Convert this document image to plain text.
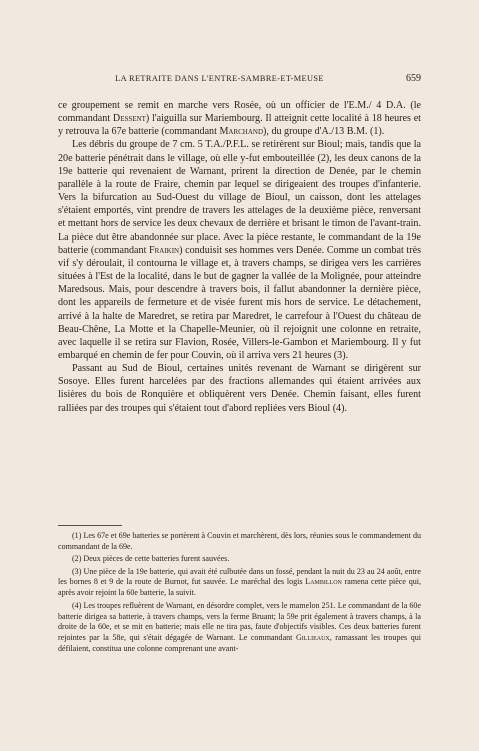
LA RETRAITE DANS L'ENTRE-SAMBRE-ET-MEUSE	659

ce groupement se remit en marche vers Rosée, où un officier de l'E.M./ 4 D.A. (le commandant Dessent) l'aiguilla sur Mariembourg. Il atteignit cette localité à 18 heures et y retrouva la 67e batterie (commandant Marchand), du groupe d'A./13 B.M. (1).

Les débris du groupe de 7 cm. 5 T.A./P.F.L. se retirèrent sur Bioul; mais, tandis que la 20e batterie pénétrait dans le village, où elle y-fut embouteillée (2), les deux canons de la 19e batterie qui revenaient de Warnant, prirent la direction de Denée, par le chemin parallèle à la route de Fraire, chemin par lequel se dirigeaient des troupes d'infanterie. Vers la bifurcation au Sud-Ouest du village de Bioul, un caisson, dont les attelages s'étaient emportés, vint prendre de travers les attelages de la deuxième pièce, renversant et mettant hors de service les deux chevaux de derrière et brisant le timon de l'avant-train. La pièce dut être abandonnée sur place. Avec la pièce restante, le commandant de la 19e batterie (commandant Fraikin) conduisit ses hommes vers Denée. Comme un combat très vif s'y déroulait, il contourna le village et, à travers champs, se dirigea vers les carrières situées à l'Est de la localité, dans le but de gagner la vallée de la Molignée, pour atteindre Maredsous. Mais, pour descendre à travers bois, il fallut abandonner la dernière pièce, dont les appareils de fermeture et de visée furent mis hors de service. Le détachement, arrivé à la halte de Maredret, se retira par Maredret, le carrefour à l'Ouest du château de Beau-Chêne, La Motte et la Chapelle-Meunier, où il rejoignit une colonne en retraite, avec laquelle il se retira sur Flavion, Rosée, Villers-le-Gambon et Mariembourg. Il y fut embarqué en chemin de fer pour Couvin, où il arriva vers 21 heures (3).

Passant au Sud de Bioul, certaines unités revenant de Warnant se dirigèrent sur Sosoye. Elles furent harcelées par des fractions allemandes qui étaient arrivées aux lisières du bois de Ronquière et obliquèrent vers Denée. Chemin faisant, elles furent ralliées par des troupes qui s'étaient tout d'abord repliées vers Bioul (4).

(1) Les 67e et 69e batteries se portèrent à Couvin et marchèrent, dès lors, réunies sous le commandement du commandant de la 69e.

(2) Deux pièces de cette batteries furent sauvées.

(3) Une pièce de la 19e batterie, qui avait été culbutée dans un fossé, pendant la nuit du 23 au 24 août, entre les bornes 8 et 9 de la route de Burnot, fut sauvée. Le maréchal des logis Lambillon ramena cette pièce qui, après avoir rejoint la 60e batterie, la suivit.

(4) Les troupes refluèrent de Warnant, en désordre complet, vers le mamelon 251. Le commandant de la 60e batterie dirigea sa batterie, à travers champs, vers la ferme Bruant; la 59e prit également à travers champs, à la droite de la 60e, et se mit en batterie; mais elle ne tira pas, faute d'objectifs visibles. Ces deux batteries furent rejointes par la 58e, qui s'était dégagée de Warnant. Le commandant Gillieaux, ramassant les troupes qui défilaient, constitua une colonne comprenant une avant-
